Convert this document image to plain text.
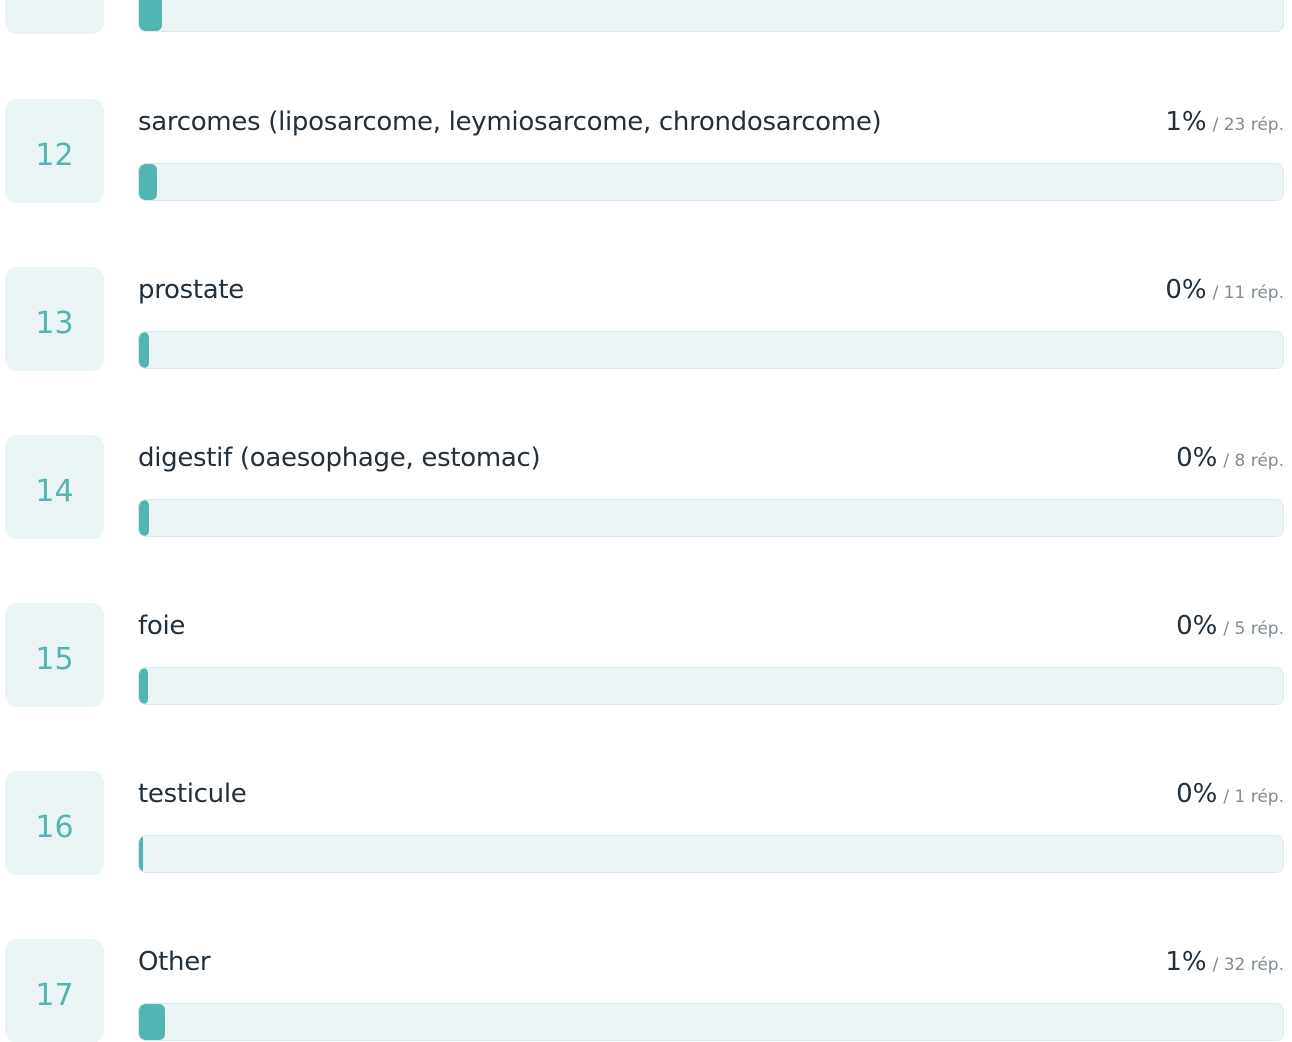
12
sarcomes (liposarcome, leymiosarcome, chrondosarcome)	1% / 23 rép.
13
prostate	0% / 11 rép.
14
digestif (oaesophage, estomac)	0% / 8 rép.
15
foie	0% / 5 rép.
16
testicule	0% / 1 rép.
17
Other	1% / 32 rép.
